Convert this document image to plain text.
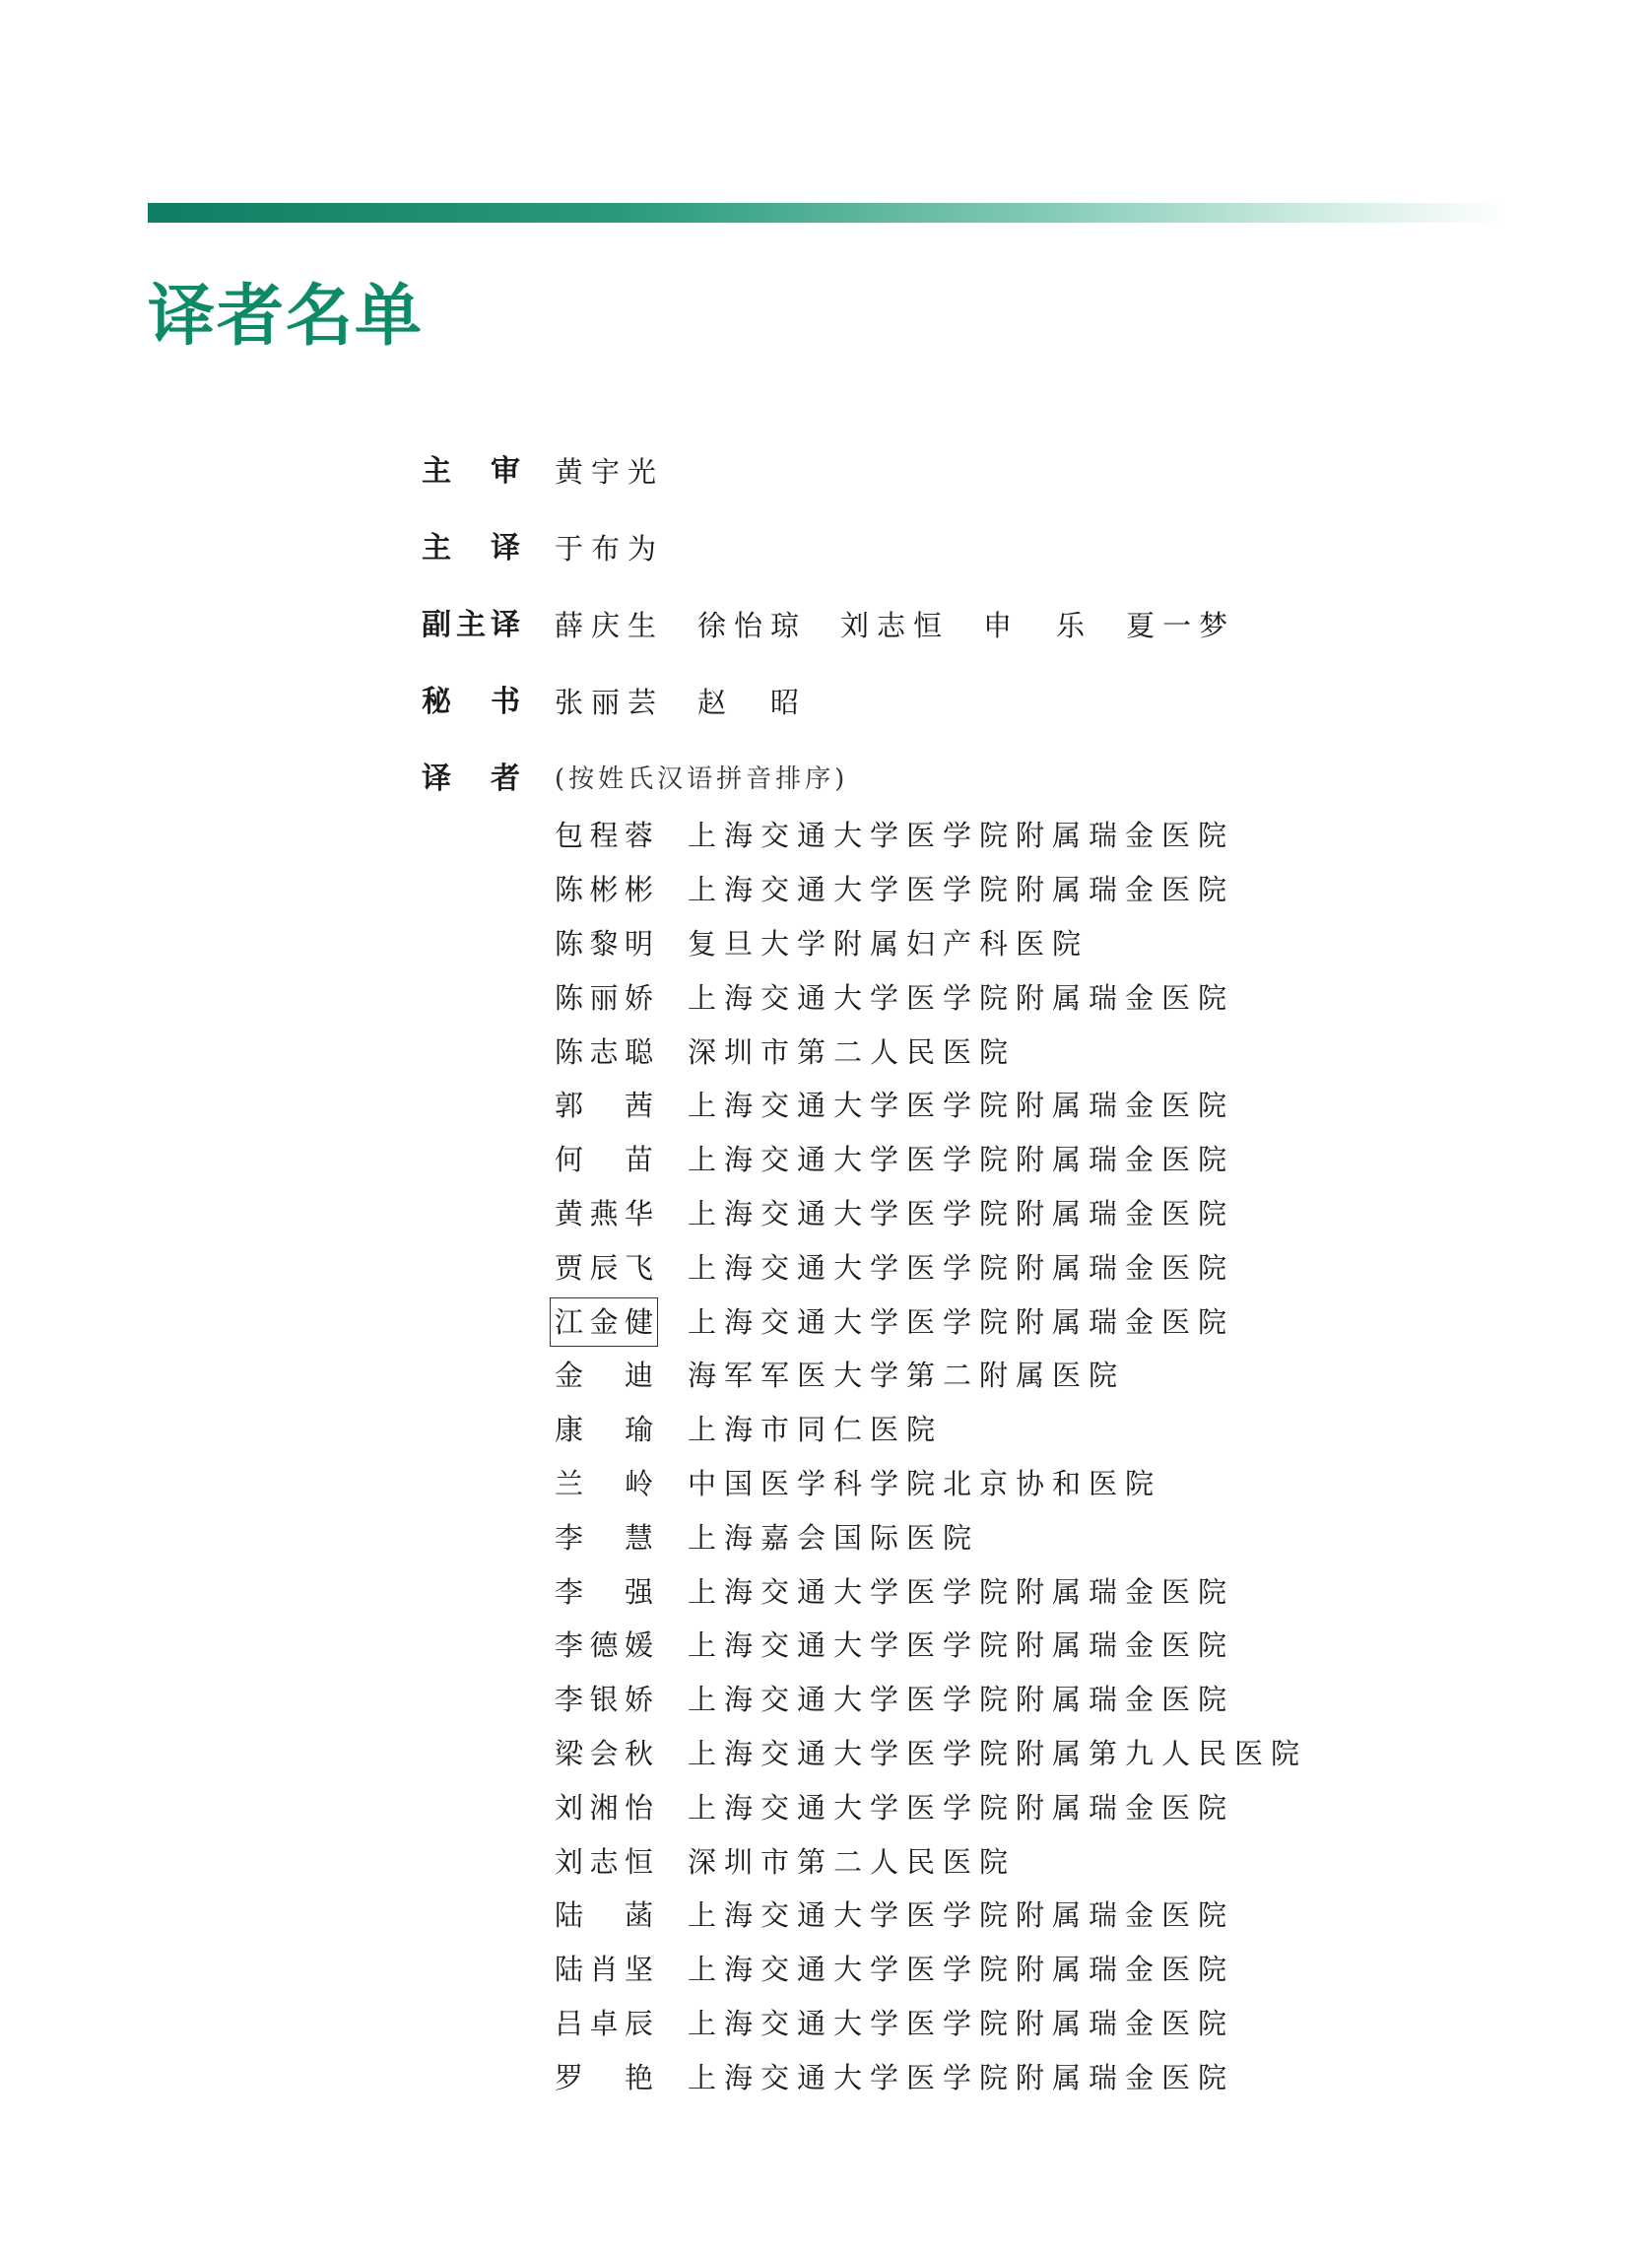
译者名单
主 审 黄宇光
主 译 于布为
副 主 译 薛庆生 徐怡琼 刘志恒 申　乐 夏一梦
秘 书 张丽芸 赵　昭
译 者 (按姓氏汉语拼音排序)
包 程 蓉 上海交通大学医学院附属瑞金医院
陈 彬 彬 上海交通大学医学院附属瑞金医院
陈 黎 明 复旦大学附属妇产科医院
陈 丽 娇 上海交通大学医学院附属瑞金医院
陈 志 聪 深圳市第二人民医院
郭 茜 上海交通大学医学院附属瑞金医院
何 苗 上海交通大学医学院附属瑞金医院
黄 燕 华 上海交通大学医学院附属瑞金医院
贾 辰 飞 上海交通大学医学院附属瑞金医院
江 金 健 上海交通大学医学院附属瑞金医院
金 迪 海军军医大学第二附属医院
康 瑜 上海市同仁医院
兰 岭 中国医学科学院北京协和医院
李 慧 上海嘉会国际医院
李 强 上海交通大学医学院附属瑞金医院
李 德 媛 上海交通大学医学院附属瑞金医院
李 银 娇 上海交通大学医学院附属瑞金医院
梁 会 秋 上海交通大学医学院附属第九人民医院
刘 湘 怡 上海交通大学医学院附属瑞金医院
刘 志 恒 深圳市第二人民医院
陆 菡 上海交通大学医学院附属瑞金医院
陆 肖 坚 上海交通大学医学院附属瑞金医院
吕 卓 辰 上海交通大学医学院附属瑞金医院
罗 艳 上海交通大学医学院附属瑞金医院
